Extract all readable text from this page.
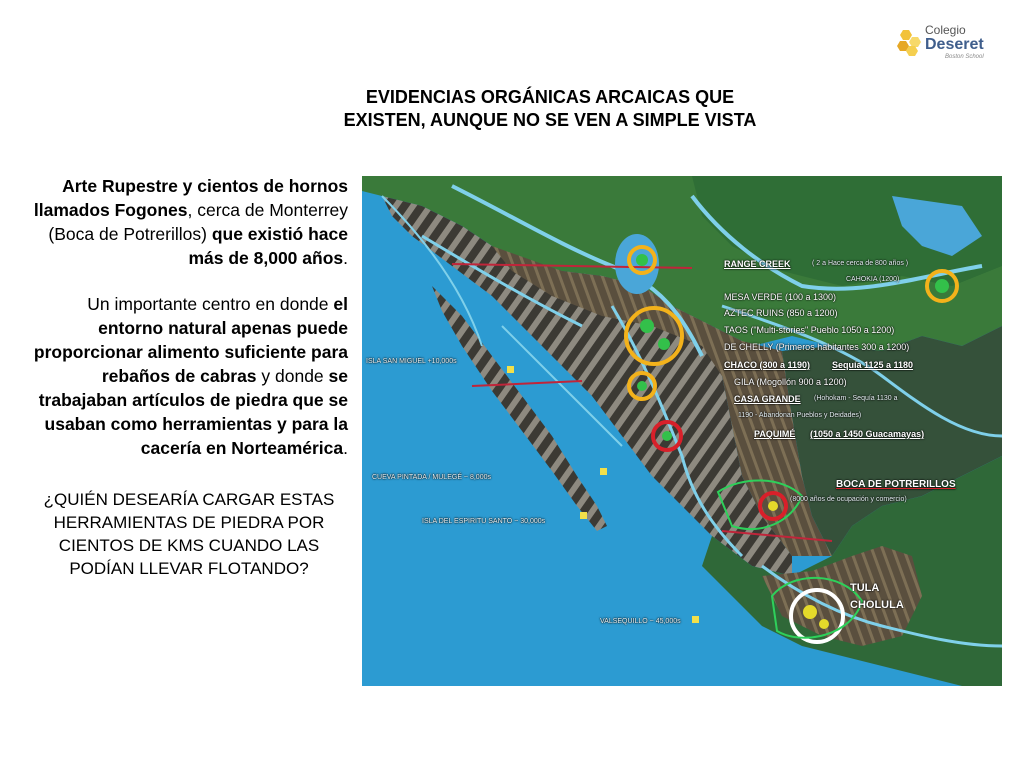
Colegio
Deseret
Boston School
EVIDENCIAS ORGÁNICAS ARCAICAS QUE
EXISTEN, AUNQUE NO SE VEN A SIMPLE VISTA

Arte Rupestre y cientos de hornos llamados Fogones, cerca de Monterrey (Boca de Potrerillos) que existió hace más de 8,000 años.

Un importante centro en donde el entorno natural apenas puede proporcionar alimento suficiente para rebaños de cabras y donde se trabajaban artículos de piedra que se usaban como herramientas y para la cacería en Norteamérica.

¿QUIÉN DESEARÍA CARGAR ESTAS HERRAMIENTAS DE PIEDRA POR CIENTOS DE KMS CUANDO LAS PODÍAN LLEVAR FLOTANDO?

RANGE CREEK	( 2 a Hace cerca de 800 años )
CAHOKIA (1200)
MESA VERDE (100 a 1300)
AZTEC RUINS (850 a 1200)
TAOS ("Multi-stories" Pueblo 1050 a 1200)
DE CHELLY (Primeros habitantes 300 a 1200)
CHACO (300 a 1190) Sequía 1125 a 1180
GILA (Mogollón 900 a 1200)
CASA GRANDE (Hohokam - Sequía 1130 a
1190 - Abandonan Pueblos y Deidades)
PAQUIMÉ (1050 a 1450 Guacamayas)
BOCA DE POTRERILLOS
(8000 años de ocupación y comercio)
TULA
CHOLULA
ISLA SAN MIGUEL +10,000s
CUEVA PINTADA / MULEGÉ ~ 8,000s
ISLA DEL ESPIRITU SANTO ~ 30,000s
VALSEQUILLO ~ 45,000s
